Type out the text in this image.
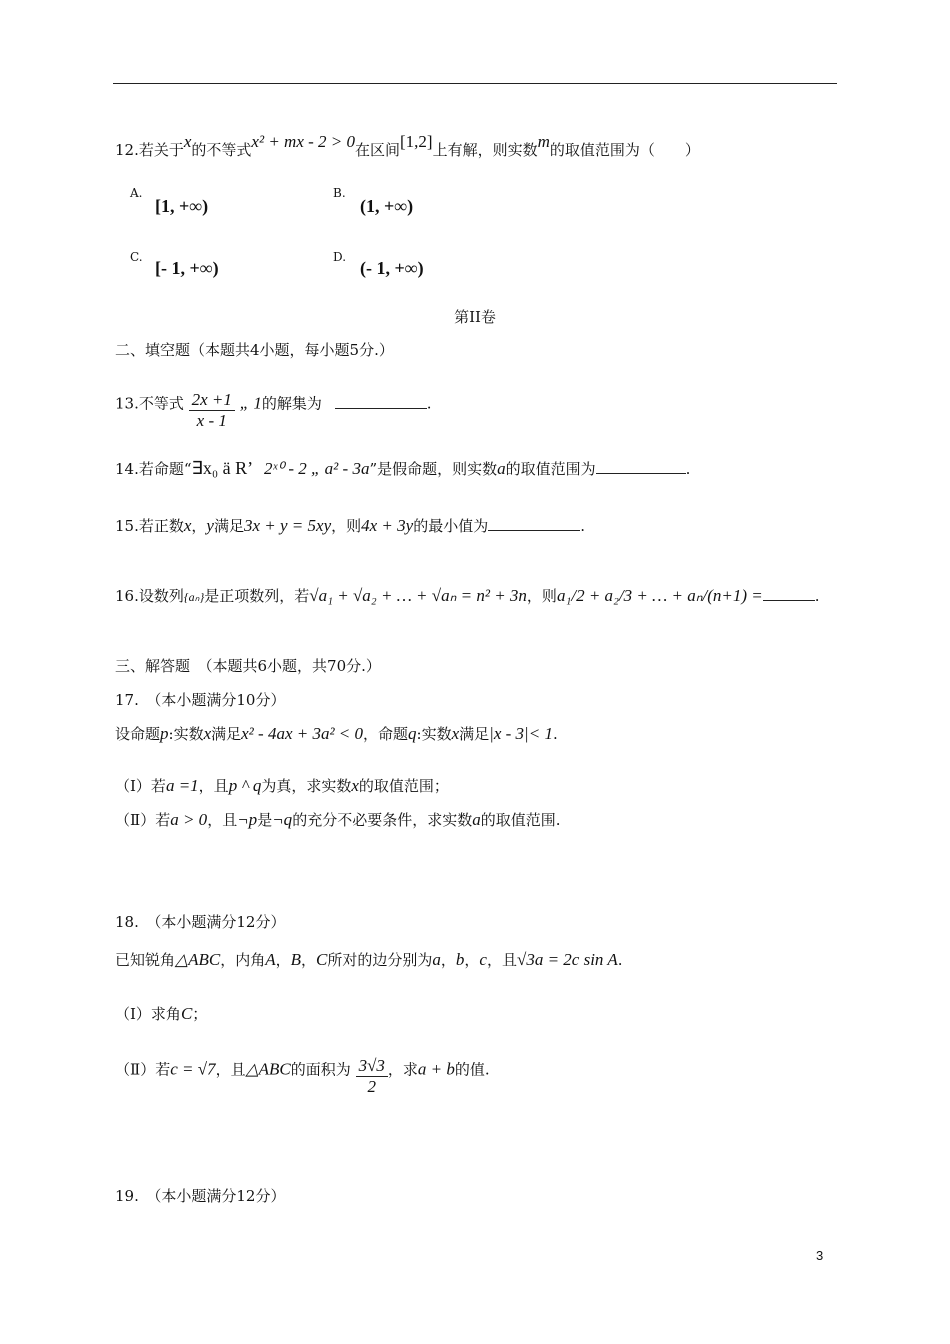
12.若关于x的不等式x² + mx - 2 > 0在区间[1,2]上有解，则实数m的取值范围为（　　）
A.
[1, +∞)
B.
(1, +∞)
C.
[- 1, +∞)
D.
(- 1, +∞)
第II卷
二、填空题（本题共4小题，每小题5分.）
13.不等式 $\frac{2x +1}{x - 1}$ „ 1的解集为	.
14.若命题“∃x₀ ä R’ 2ˣ⁰ - 2 „ a² - 3a”是假命题，则实数a的取值范围为	.
15.若正数x，y满足3x + y = 5xy，则4x + 3y的最小值为	.
16.设数列{aₙ}是正项数列，若√a₁ + √a₂ + … + √aₙ = n² + 3n，则a₁/2 + a₂/3 + … + aₙ/(n+1) =	.
三、解答题　（本题共6小题，共70分.）
17.　（本小题满分10分）
设命题p:实数x满足x² - 4ax + 3a² < 0，命题q:实数x满足|x - 3|< 1.
（Ⅰ）若a =1，且p ^ q为真，求实数x的取值范围；
（Ⅱ）若a > 0，且¬p是¬q的充分不必要条件，求实数a的取值范围.
18.　（本小题满分12分）
已知锐角△ABC，内角A，B，C所对的边分别为a，b，c，且√3a = 2c sin A.
（Ⅰ）求角C；
（Ⅱ）若c = √7，且△ABC的面积为 $\frac{3√3}{2}$ ，求a + b的值.
19.　（本小题满分12分）
3
